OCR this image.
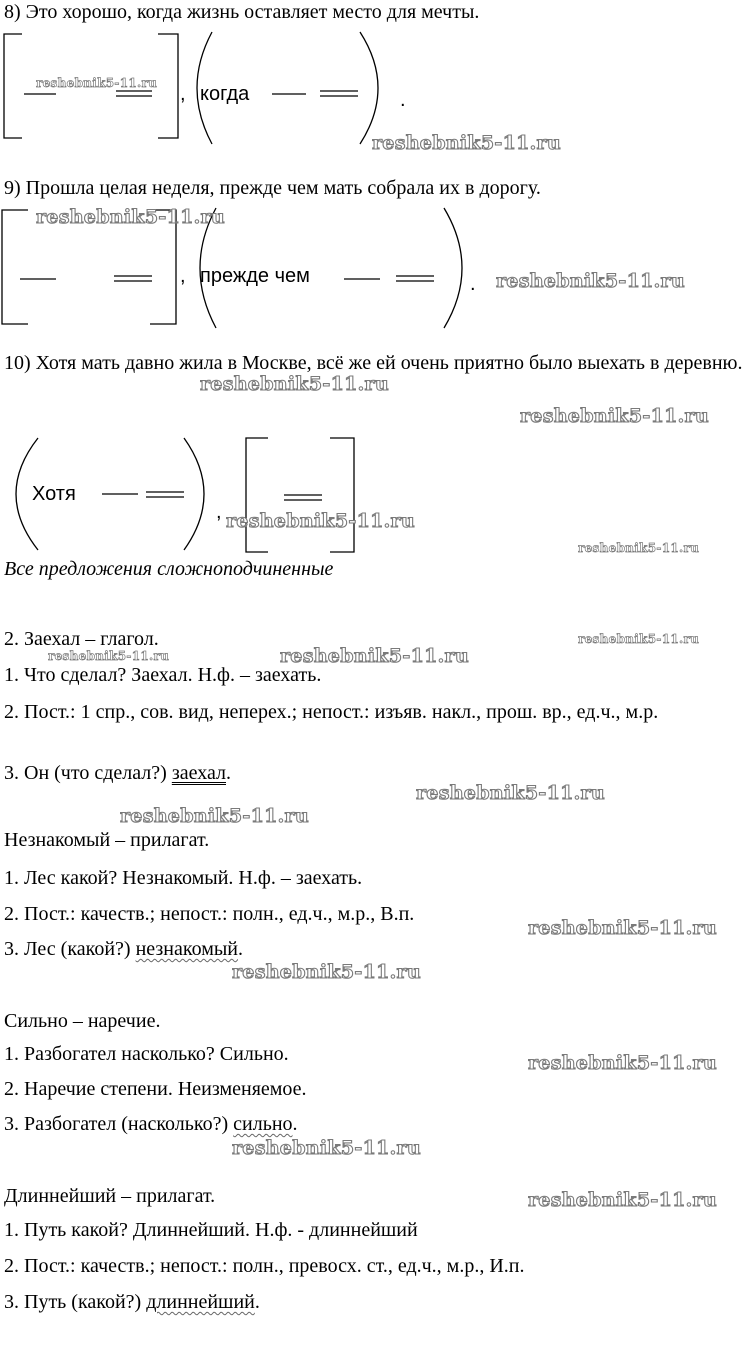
8) Это хорошо, когда жизнь оставляет место для мечты.
, когда	.
9) Прошла целая неделя, прежде чем мать собрала их в дорогу.
, прежде чем	.
10) Хотя мать давно жила в Москве, всё же ей очень приятно было выехать в деревню.
Хотя
,
Все предложения сложноподчиненные
2. Заехал – глагол.
1. Что сделал? Заехал. Н.ф. – заехать.
2. Пост.: 1 спр., сов. вид, неперех.; непост.: изъяв. накл., прош. вр., ед.ч., м.р.
3. Он (что сделал?) заехал.
Незнакомый – прилагат.
1. Лес какой? Незнакомый. Н.ф. – заехать.
2. Пост.: качеств.; непост.: полн., ед.ч., м.р., В.п.
3. Лес (какой?) незнакомый.
Сильно – наречие.
1. Разбогател насколько? Сильно.
2. Наречие степени. Неизменяемое.
3. Разбогател (насколько?) сильно.
Длиннейший – прилагат.
1. Путь какой? Длиннейший. Н.ф. - длиннейший
2. Пост.: качеств.; непост.: полн., превосх. ст., ед.ч., м.р., И.п.
3. Путь (какой?) длиннейший.
reshebnik5-11.ru
reshebnik5-11.ru
reshebnik5-11.ru
reshebnik5-11.ru
reshebnik5-11.ru
reshebnik5-11.ru
reshebnik5-11.ru
reshebnik5-11.ru
reshebnik5-11.ru
reshebnik5-11.ru	reshebnik5-11.ru
reshebnik5-11.ru
reshebnik5-11.ru
reshebnik5-11.ru
reshebnik5-11.ru
reshebnik5-11.ru
reshebnik5-11.ru
reshebnik5-11.ru
